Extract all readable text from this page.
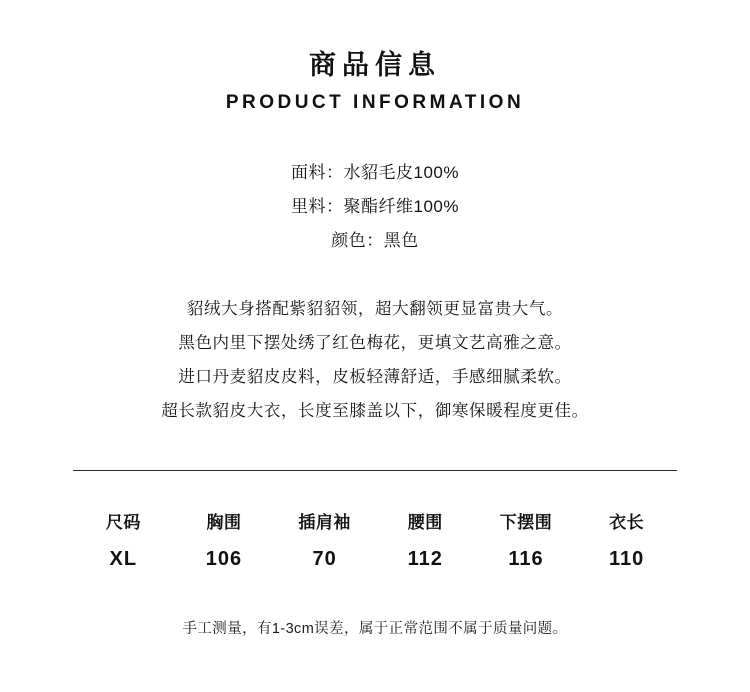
商品信息
PRODUCT INFORMATION
面料：水貂毛皮100%
里料：聚酯纤维100%
颜色：黑色
貂绒大身搭配紫貂貂领，超大翻领更显富贵大气。
黑色内里下摆处绣了红色梅花，更填文艺高雅之意。
进口丹麦貂皮皮料，皮板轻薄舒适，手感细腻柔软。
超长款貂皮大衣，长度至膝盖以下，御寒保暖程度更佳。
尺码	胸围	插肩袖	腰围	下摆围	衣长
XL	106	70	112	116	110
手工测量，有1-3cm误差，属于正常范围不属于质量问题。
